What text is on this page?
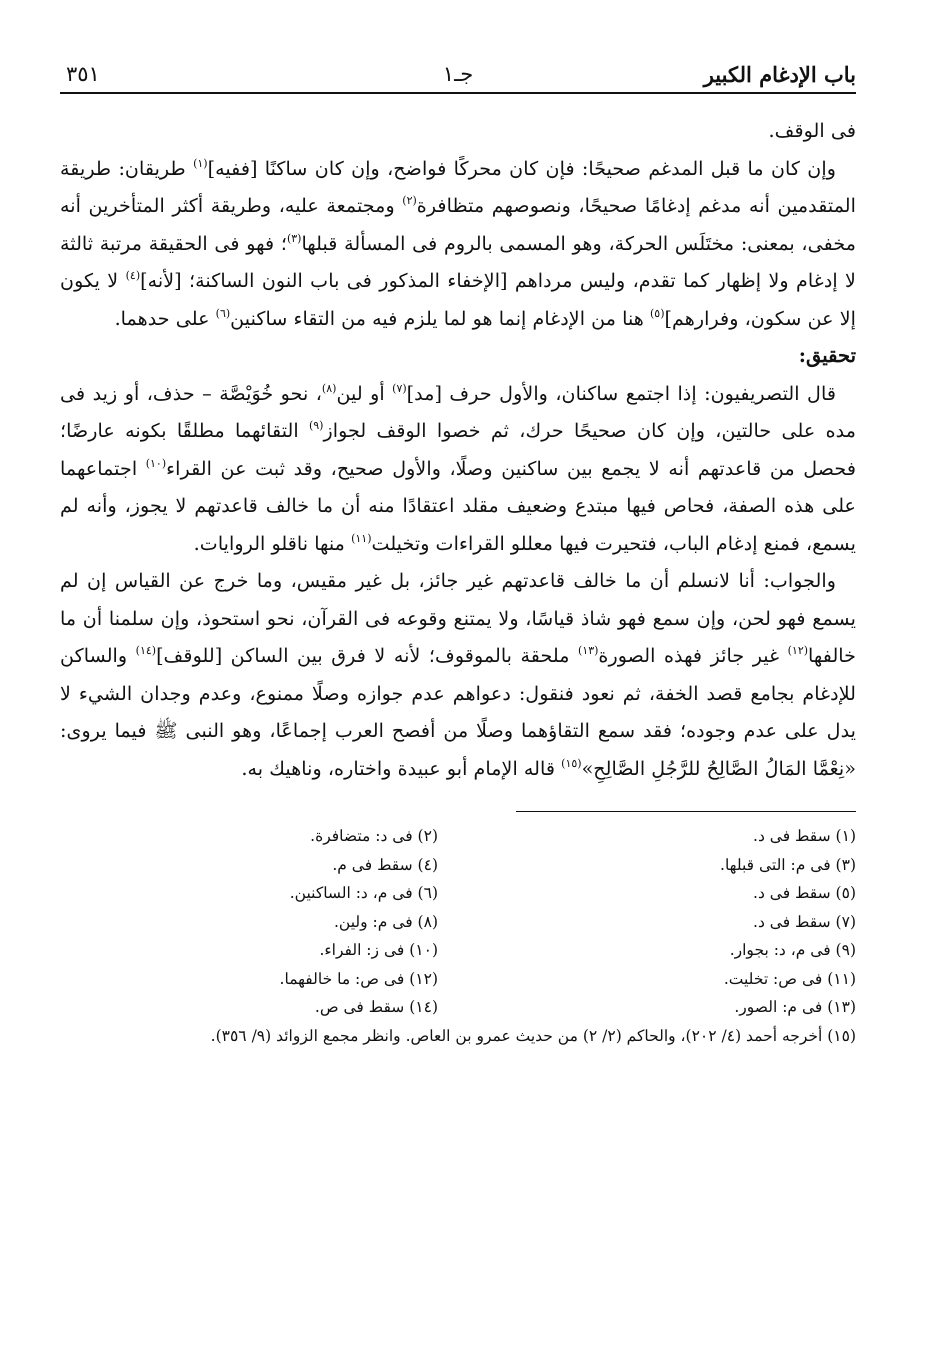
باب الإدغام الكبير
جـ١
٣٥١

فى الوقف.

وإن كان ما قبل المدغم صحيحًا: فإن كان محركًا فواضح، وإن كان ساكنًا [ففيه]$^{(١)}$ طريقان: طريقة المتقدمين أنه مدغم إدغامًا صحيحًا، ونصوصهم متظافرة$^{(٢)}$ ومجتمعة عليه، وطريقة أكثر المتأخرين أنه مخفى، بمعنى: مختَلَس الحركة، وهو المسمى بالروم فى المسألة قبلها$^{(٣)}$؛ فهو فى الحقيقة مرتبة ثالثة لا إدغام ولا إظهار كما تقدم، وليس مرداهم [الإخفاء المذكور فى باب النون الساكنة؛ [لأنه]$^{(٤)}$ لا يكون إلا عن سكون، وفرارهم]$^{(٥)}$ هنا من الإدغام إنما هو لما يلزم فيه من التقاء ساكنين$^{(٦)}$ على حدهما.

تحقيق:

قال التصريفيون: إذا اجتمع ساكنان، والأول حرف [مد]$^{(٧)}$ أو لين$^{(٨)}$، نحو خُوَيْصَّة – حذف، أو زيد فى مده على حالتين، وإن كان صحيحًا حرك، ثم خصوا الوقف لجواز$^{(٩)}$ التقائهما مطلقًا بكونه عارضًا؛ فحصل من قاعدتهم أنه لا يجمع بين ساكنين وصلًا، والأول صحيح، وقد ثبت عن القراء$^{(١٠)}$ اجتماعهما على هذه الصفة، فحاص فيها مبتدع وضعيف مقلد اعتقادًا منه أن ما خالف قاعدتهم لا يجوز، وأنه لم يسمع، فمنع إدغام الباب، فتحيرت فيها معللو القراءات وتخيلت$^{(١١)}$ منها ناقلو الروايات.

والجواب: أنا لانسلم أن ما خالف قاعدتهم غير جائز، بل غير مقيس، وما خرج عن القياس إن لم يسمع فهو لحن، وإن سمع فهو شاذ قياسًا، ولا يمتنع وقوعه فى القرآن، نحو استحوذ، وإن سلمنا أن ما خالفها$^{(١٢)}$ غير جائز فهذه الصورة$^{(١٣)}$ ملحقة بالموقوف؛ لأنه لا فرق بين الساكن [للوقف]$^{(١٤)}$ والساكن للإدغام بجامع قصد الخفة، ثم نعود فنقول: دعواهم عدم جوازه وصلًا ممنوع، وعدم وجدان الشيء لا يدل على عدم وجوده؛ فقد سمع التقاؤهما وصلًا من أفصح العرب إجماعًا، وهو النبى ﷺ فيما يروى: «نِعْمَّا المَالُ الصَّالِحُ للرَّجُلِ الصَّالِحِ»$^{(١٥)}$ قاله الإمام أبو عبيدة واختاره، وناهيك به.

(١) سقط فى د.
(٢) فى د: متضافرة.
(٣) فى م: التى قبلها.
(٤) سقط فى م.
(٥) سقط فى د.
(٦) فى م، د: الساكنين.
(٧) سقط فى د.
(٨) فى م: ولين.
(٩) فى م، د: بجوار.
(١٠) فى ز: الفراء.
(١١) فى ص: تخليت.
(١٢) فى ص: ما خالفهما.
(١٣) فى م: الصور.
(١٤) سقط فى ص.
(١٥) أخرجه أحمد (٤/ ٢٠٢)، والحاكم (٢/ ٢) من حديث عمرو بن العاص. وانظر مجمع الزوائد (٩/ ٣٥٦).
